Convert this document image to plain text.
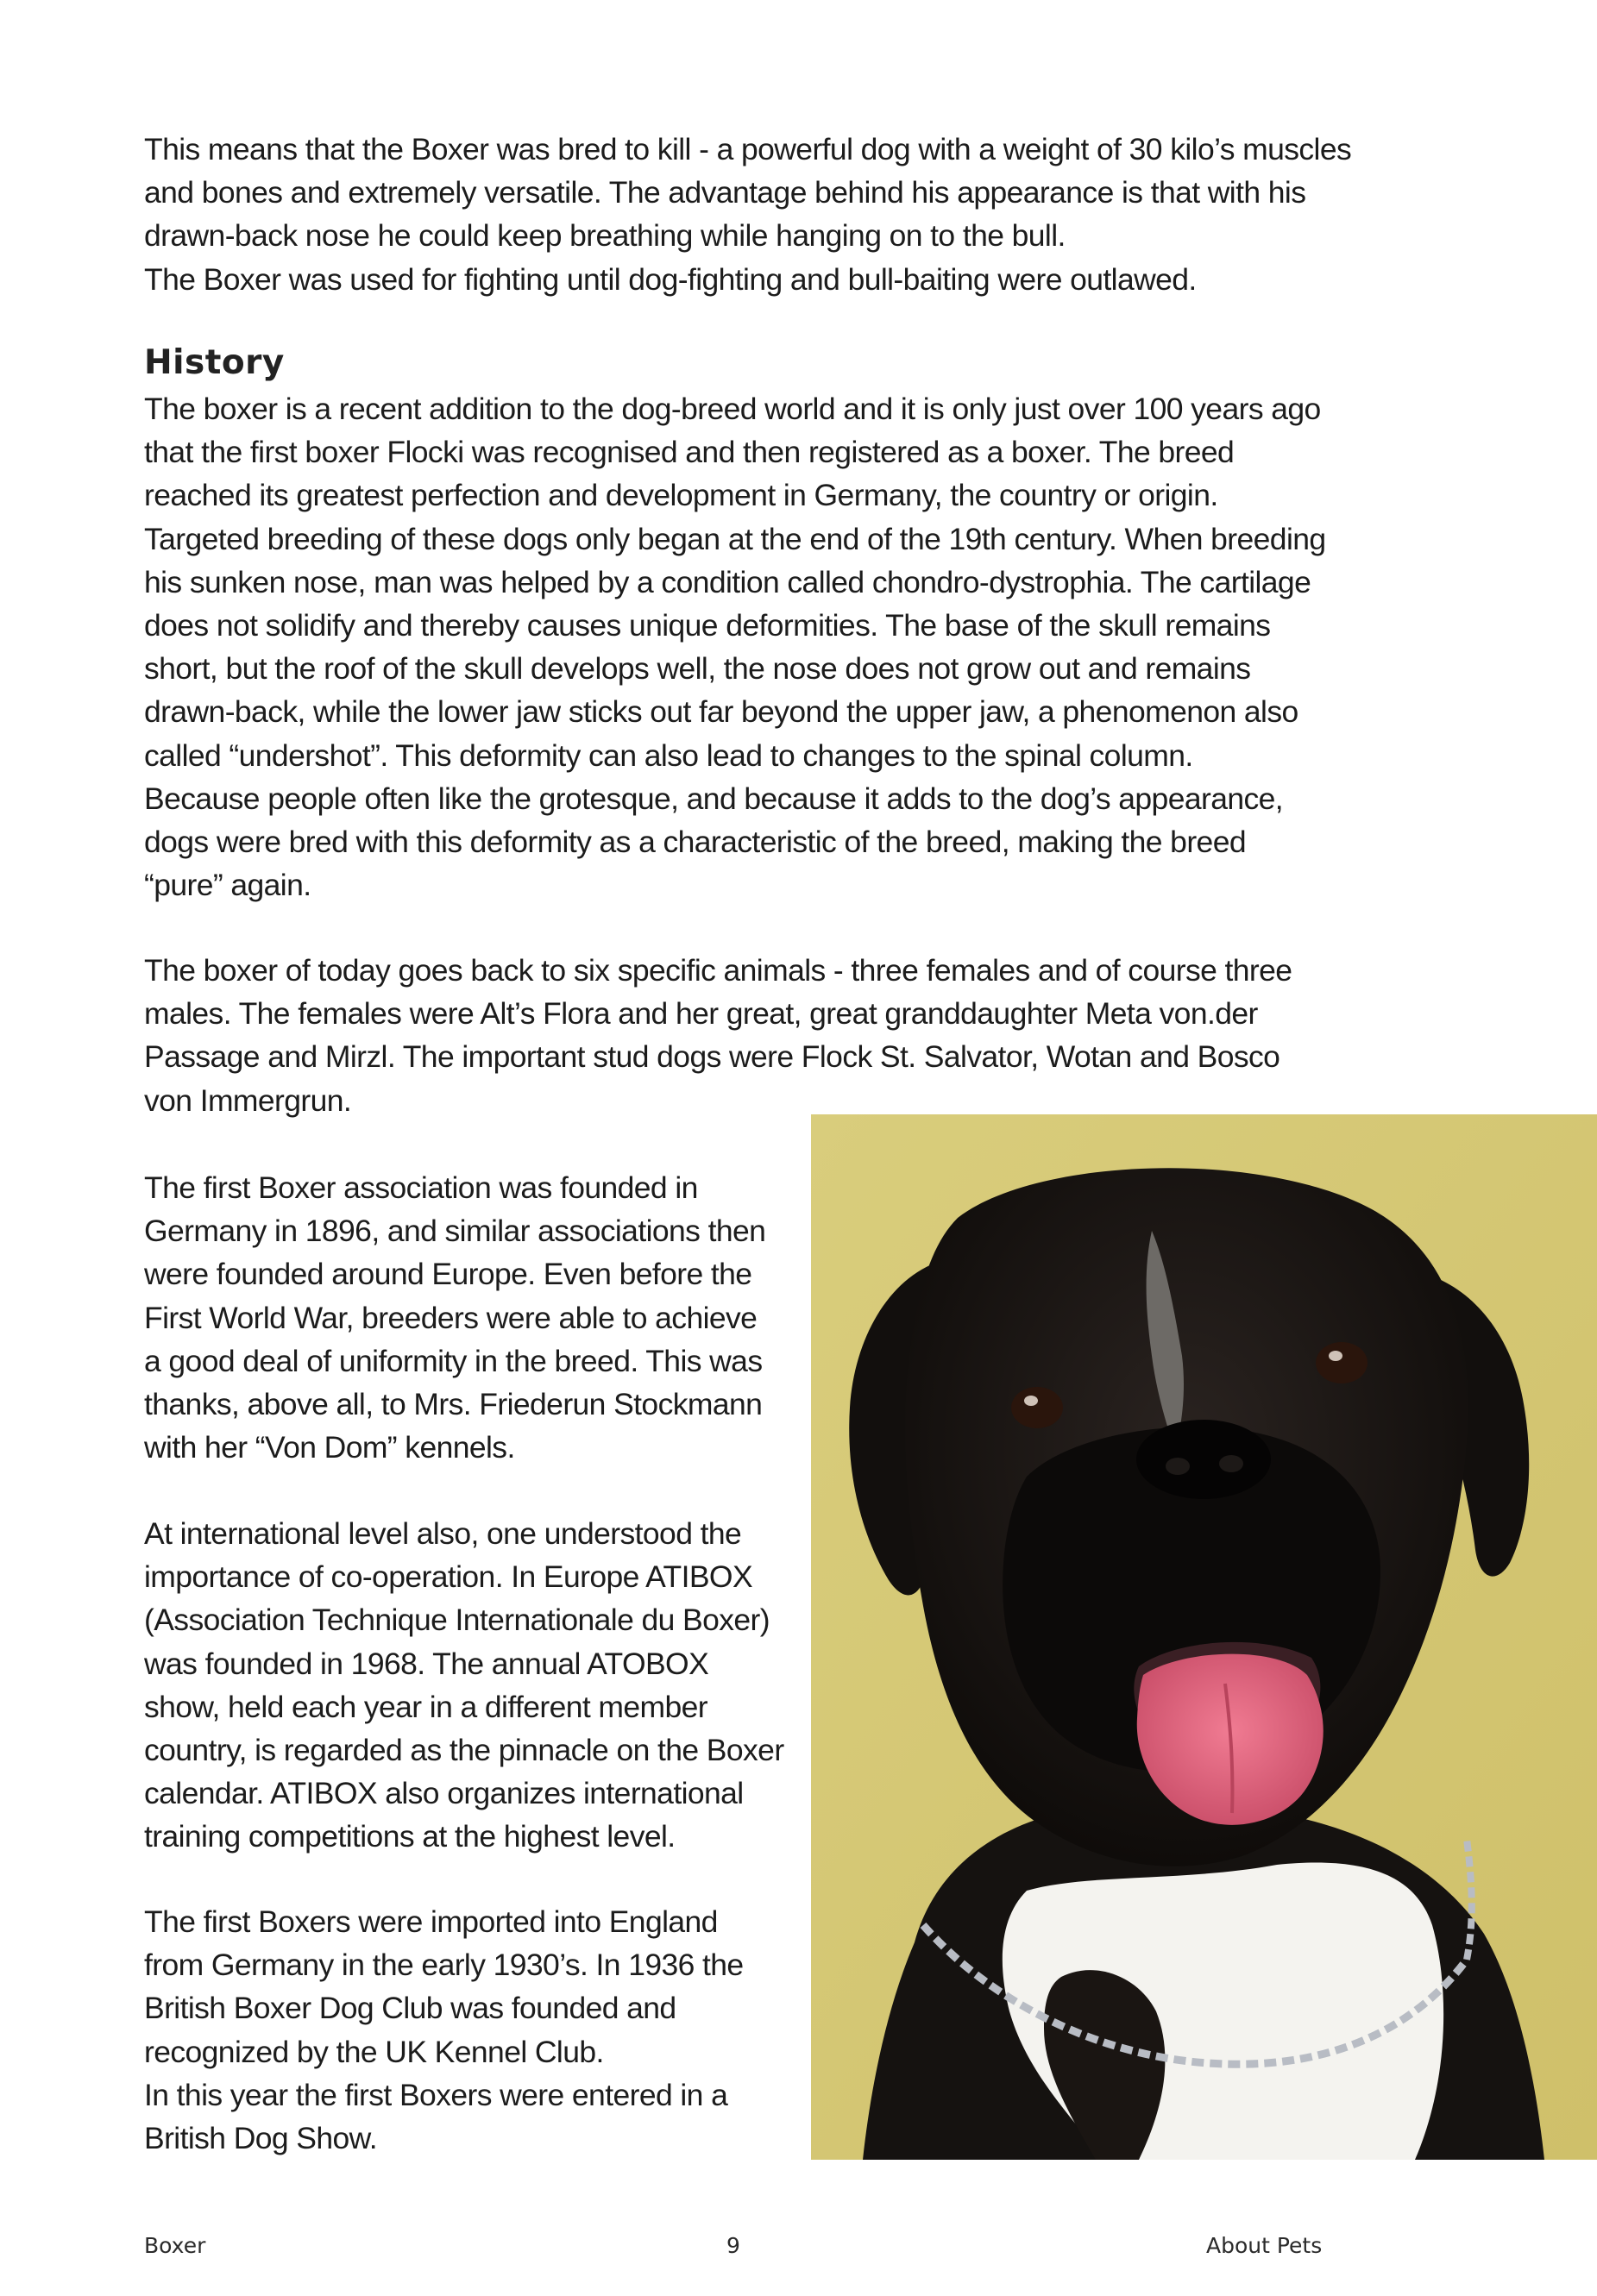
This means that the Boxer was bred to kill - a powerful dog with a weight of 30 kilo’s muscles
and bones and extremely versatile. The advantage behind his appearance is that with his
drawn-back nose he could keep breathing while hanging on to the bull.
The Boxer was used for fighting until dog-fighting and bull-baiting were outlawed.

History

The boxer is a recent addition to the dog-breed world and it is only just over 100 years ago
that the first boxer Flocki was recognised and then registered as a boxer. The breed
reached its greatest perfection and development in Germany, the country or origin.
Targeted breeding of these dogs only began at the end of the 19th century. When breeding
his sunken nose, man was helped by a condition called chondro-dystrophia. The cartilage
does not solidify and thereby causes unique deformities. The base of the skull remains
short, but the roof of the skull develops well, the nose does not grow out and remains
drawn-back, while the lower jaw sticks out far beyond the upper jaw, a phenomenon also
called “undershot”. This deformity can also lead to changes to the spinal column.
Because people often like the grotesque, and because it adds to the dog’s appearance,
dogs were bred with this deformity as a characteristic of the breed, making the breed
“pure” again.

The boxer of today goes back to six specific animals - three females and of course three
males. The females were Alt’s Flora and her great, great granddaughter Meta von.der
Passage and Mirzl. The important stud dogs were Flock St. Salvator, Wotan and Bosco
von Immergrun.

The first Boxer association was founded in
Germany in 1896, and similar associations then
were founded around Europe. Even before the
First World War, breeders were able to achieve
a good deal of uniformity in the breed. This was
thanks, above all, to Mrs. Friederun Stockmann
with her “Von Dom” kennels.

At international level also, one understood the
importance of co-operation. In Europe ATIBOX
(Association Technique Internationale du Boxer)
was founded in 1968. The annual ATOBOX
show, held each year in a different member
country, is regarded as the pinnacle on the Boxer
calendar. ATIBOX also organizes international
training competitions at the highest level.

The first Boxers were imported into England
from Germany in the early 1930’s. In 1936 the
British Boxer Dog Club was founded and
recognized by the UK Kennel Club.
In this year the first Boxers were entered in a
British Dog Show.

Boxer	9	About Pets
